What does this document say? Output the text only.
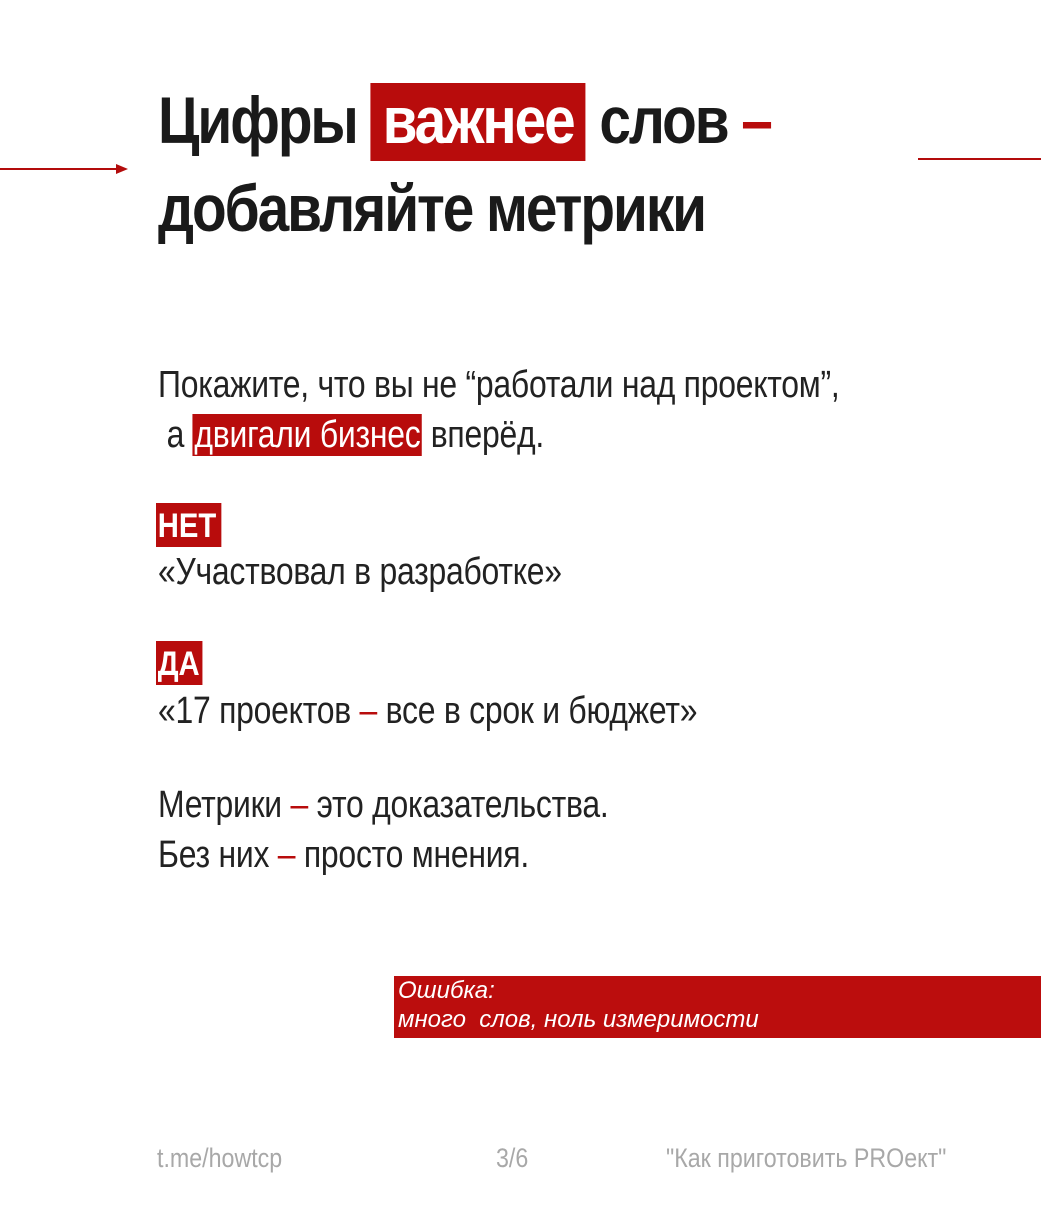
Цифры важнее слов –
добавляйте метрики
Покажите, что вы не “работали над проектом”,
а двигали бизнес вперёд.
НЕТ
«Участвовал в разработке»
ДА
«17 проектов – все в срок и бюджет»
Метрики – это доказательства.
Без них – просто мнения.
Ошибка:
много  слов, ноль измеримости
t.me/howtcp	3/6	"Как приготовить PROект"
